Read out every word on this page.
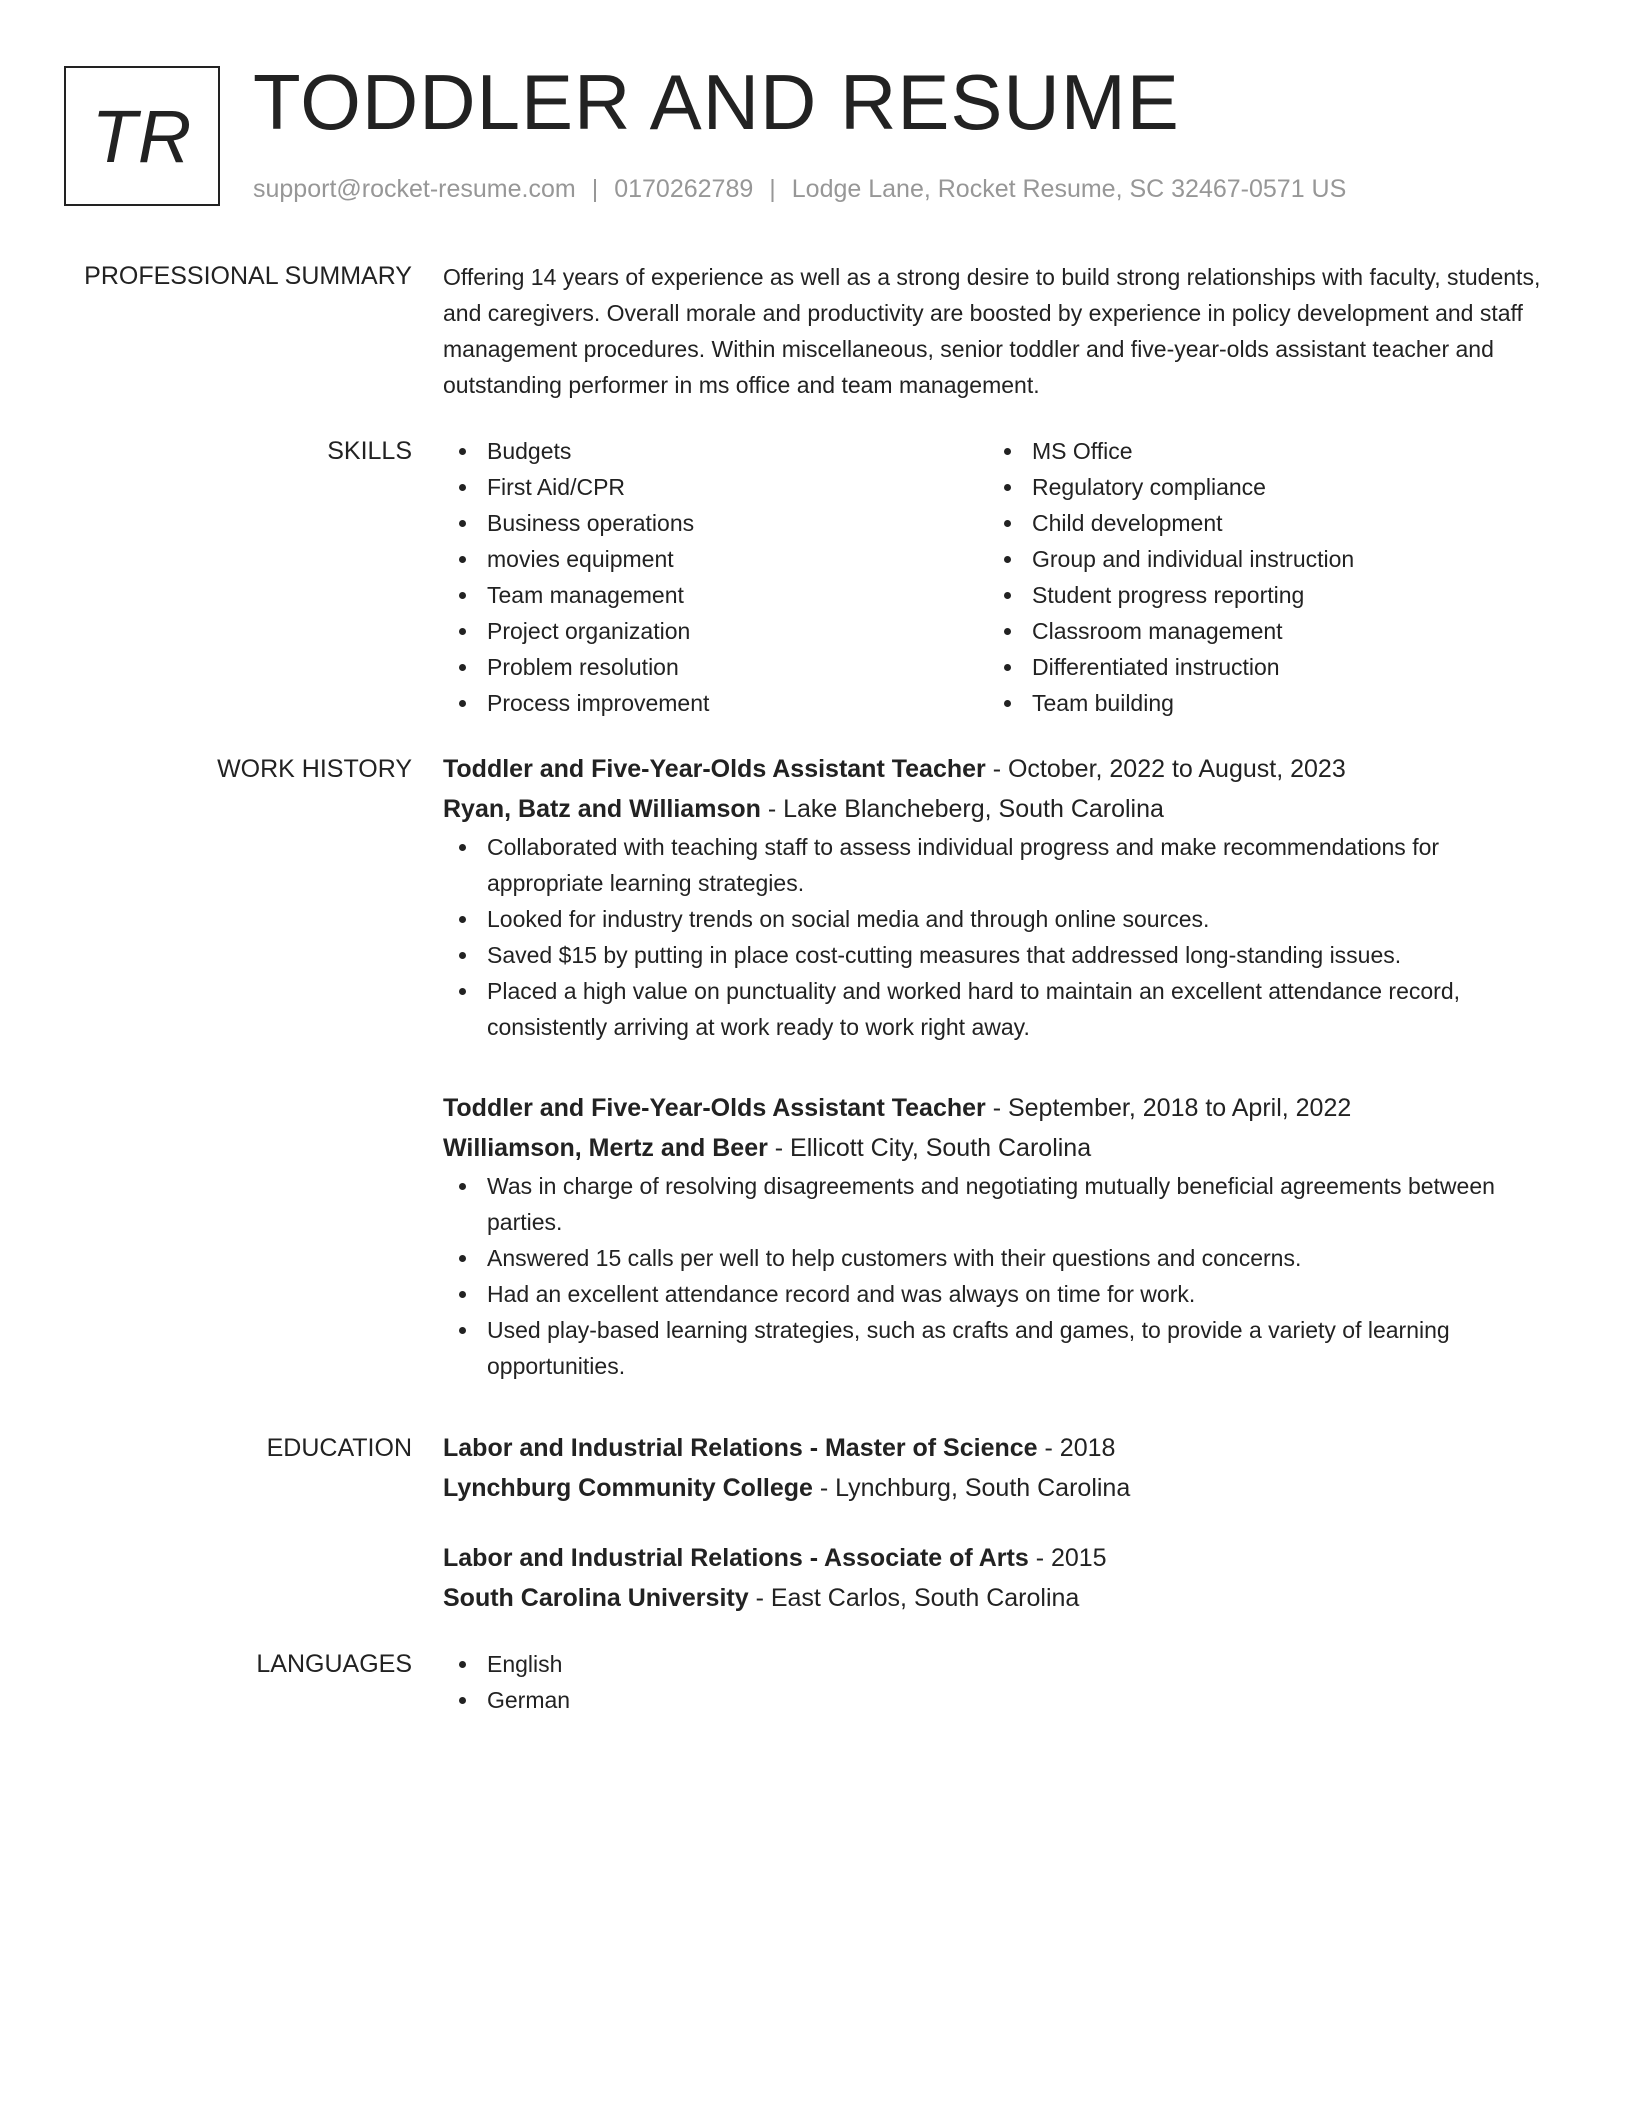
TR TODDLER AND RESUME
support@rocket-resume.com | 0170262789 | Lodge Lane, Rocket Resume, SC 32467-0571 US
PROFESSIONAL SUMMARY Offering 14 years of experience as well as a strong desire to build strong relationships with faculty, students, and caregivers. Overall morale and productivity are boosted by experience in policy development and staff management procedures. Within miscellaneous, senior toddler and five-year-olds assistant teacher and outstanding performer in ms office and team management.

SKILLS	Budgets
First Aid/CPR
Business operations
movies equipment
Team management
Project organization
Problem resolution
Process improvement
MS Office
Regulatory compliance
Child development
Group and individual instruction
Student progress reporting
Classroom management
Differentiated instruction
Team building
WORK HISTORY Toddler and Five-Year-Olds Assistant Teacher - October, 2022 to August, 2023
Ryan, Batz and Williamson - Lake Blancheberg, South Carolina
Collaborated with teaching staff to assess individual progress and make recommendations for appropriate learning strategies.
Looked for industry trends on social media and through online sources.
Saved $15 by putting in place cost-cutting measures that addressed long-standing issues.
Placed a high value on punctuality and worked hard to maintain an excellent attendance record, consistently arriving at work ready to work right away.
Toddler and Five-Year-Olds Assistant Teacher - September, 2018 to April, 2022
Williamson, Mertz and Beer - Ellicott City, South Carolina
Was in charge of resolving disagreements and negotiating mutually beneficial agreements between parties.
Answered 15 calls per well to help customers with their questions and concerns.
Had an excellent attendance record and was always on time for work.
Used play-based learning strategies, such as crafts and games, to provide a variety of learning opportunities.
EDUCATION Labor and Industrial Relations - Master of Science - 2018
Lynchburg Community College - Lynchburg, South Carolina
Labor and Industrial Relations - Associate of Arts - 2015
South Carolina University - East Carlos, South Carolina
LANGUAGES	English
German
